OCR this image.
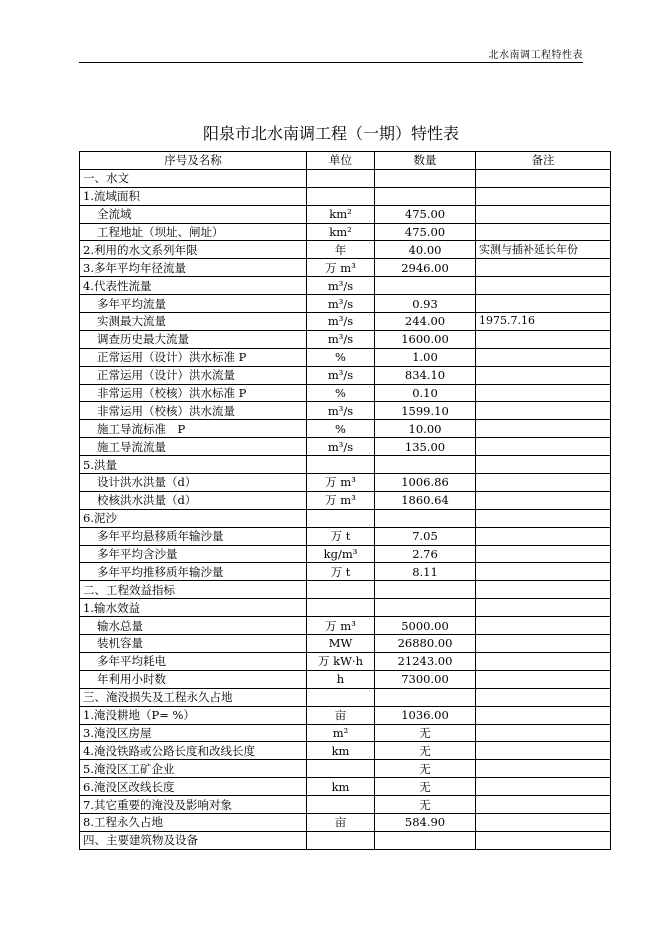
北水南调工程特性表
阳泉市北水南调工程（一期）特性表
序号及名称	单位	数量	备注
一、水文			
1.流域面积			
全流域	km²	475.00	
工程地址（坝址、闸址）	km²	475.00	
2.利用的水文系列年限	年	40.00	实测与插补延长年份
3.多年平均年径流量	万 m³	2946.00	
4.代表性流量	m³/s		
多年平均流量	m³/s	0.93	
实测最大流量	m³/s	244.00	1975.7.16
调查历史最大流量	m³/s	1600.00	
正常运用（设计）洪水标准 P	%	1.00	
正常运用（设计）洪水流量	m³/s	834.10	
非常运用（校核）洪水标准 P	%	0.10	
非常运用（校核）洪水流量	m³/s	1599.10	
施工导流标准　P	%	10.00	
施工导流流量	m³/s	135.00	
5.洪量			
设计洪水洪量（d）	万 m³	1006.86	
校核洪水洪量（d）	万 m³	1860.64	
6.泥沙			
多年平均悬移质年输沙量	万 t	7.05	
多年平均含沙量	kg/m³	2.76	
多年平均推移质年输沙量	万 t	8.11	
二、工程效益指标			
1.输水效益			
输水总量	万 m³	5000.00	
装机容量	MW	26880.00	
多年平均耗电	万 kW·h	21243.00	
年利用小时数	h	7300.00	
三、淹没损失及工程永久占地			
1.淹没耕地（P= %）	亩	1036.00	
3.淹没区房屋	m²	无	
4.淹没铁路或公路长度和改线长度	km	无	
5.淹没区工矿企业		无	
6.淹没区改线长度	km	无	
7.其它重要的淹没及影响对象		无	
8.工程永久占地	亩	584.90	
四、主要建筑物及设备			
